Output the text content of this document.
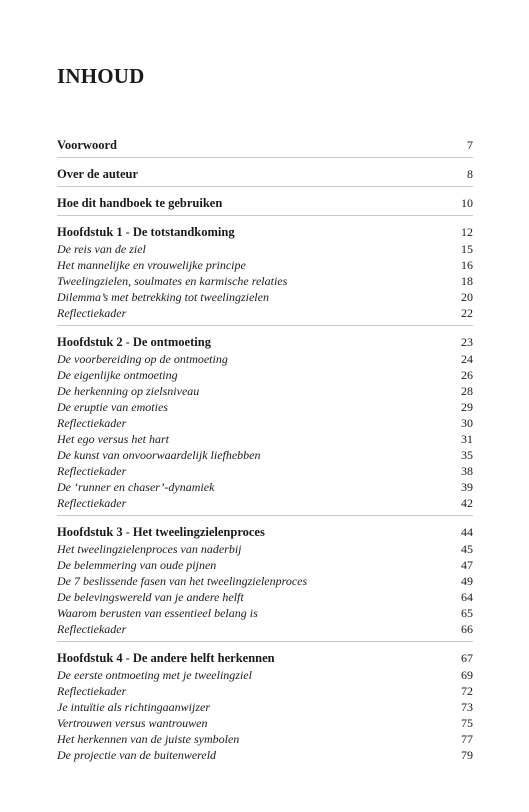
INHOUD
Voorwoord	7
Over de auteur	8
Hoe dit handboek te gebruiken	10
Hoofdstuk 1 - De totstandkoming	12
De reis van de ziel	15
Het mannelijke en vrouwelijke principe	16
Tweelingzielen, soulmates en karmische relaties	18
Dilemma’s met betrekking tot tweelingzielen	20
Reflectiekader	22
Hoofdstuk 2 - De ontmoeting	23
De voorbereiding op de ontmoeting	24
De eigenlijke ontmoeting	26
De herkenning op zielsniveau	28
De eruptie van emoties	29
Reflectiekader	30
Het ego versus het hart	31
De kunst van onvoorwaardelijk liefhebben	35
Reflectiekader	38
De ‘runner en chaser’-dynamiek	39
Reflectiekader	42
Hoofdstuk 3 - Het tweelingzielenproces	44
Het tweelingzielenproces van naderbij	45
De belemmering van oude pijnen	47
De 7 beslissende fasen van het tweelingzielenproces	49
De belevingswereld van je andere helft	64
Waarom berusten van essentieel belang is	65
Reflectiekader	66
Hoofdstuk 4 - De andere helft herkennen	67
De eerste ontmoeting met je tweelingziel	69
Reflectiekader	72
Je intuïtie als richtingaanwijzer	73
Vertrouwen versus wantrouwen	75
Het herkennen van de juiste symbolen	77
De projectie van de buitenwereld	79
